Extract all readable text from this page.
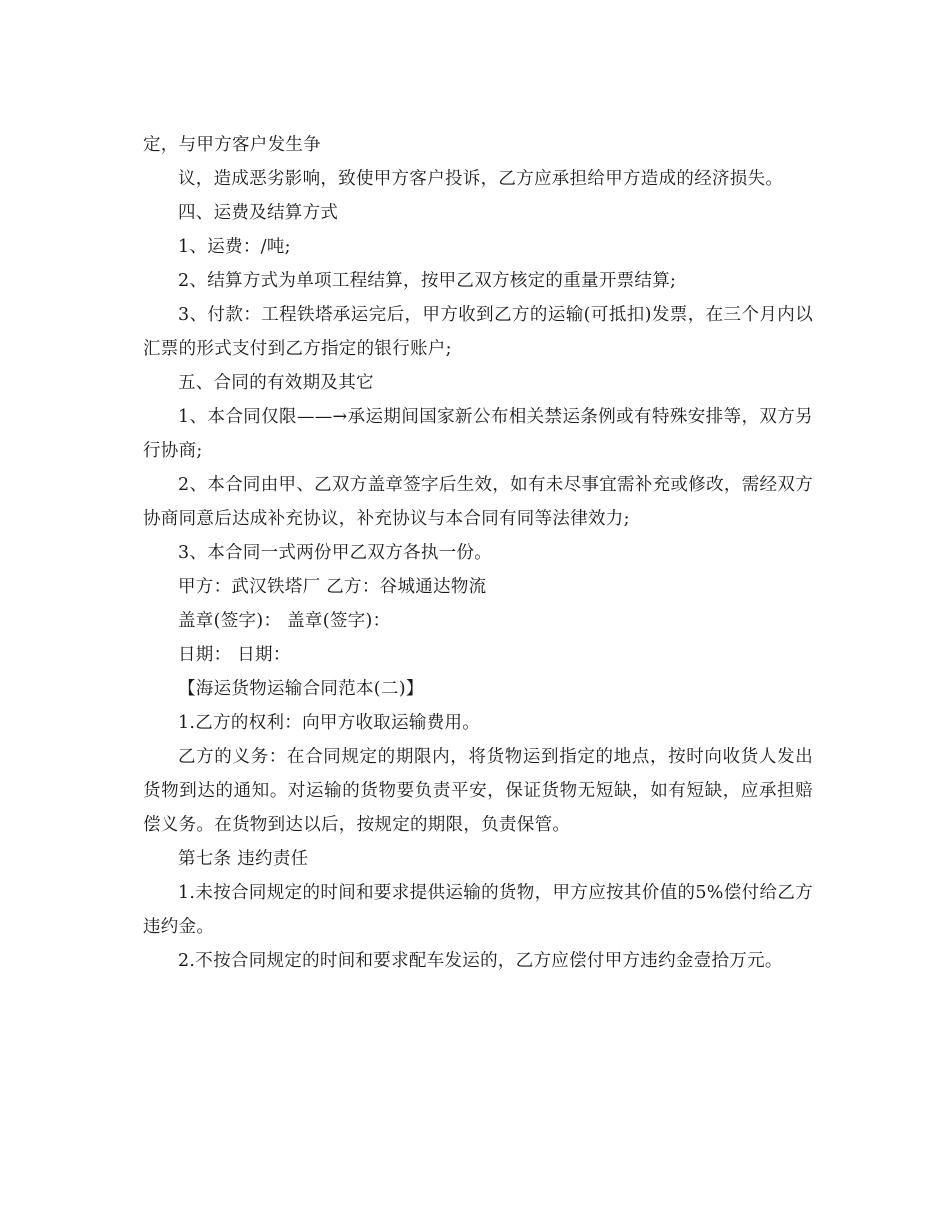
定，与甲方客户发生争

议，造成恶劣影响，致使甲方客户投诉，乙方应承担给甲方造成的经济损失。

四、运费及结算方式

1、运费：/吨;

2、结算方式为单项工程结算，按甲乙双方核定的重量开票结算;

3、付款：工程铁塔承运完后，甲方收到乙方的运输(可抵扣)发票，在三个月内以汇票的形式支付到乙方指定的银行账户;

五、合同的有效期及其它

1、本合同仅限——→承运期间国家新公布相关禁运条例或有特殊安排等，双方另行协商;

2、本合同由甲、乙双方盖章签字后生效，如有未尽事宜需补充或修改，需经双方协商同意后达成补充协议，补充协议与本合同有同等法律效力;

3、本合同一式两份甲乙双方各执一份。

甲方：武汉铁塔厂 乙方：谷城通达物流

盖章(签字)： 盖章(签字)：

日期： 日期：

【海运货物运输合同范本(二)】

1.乙方的权利：向甲方收取运输费用。

乙方的义务：在合同规定的期限内，将货物运到指定的地点，按时向收货人发出货物到达的通知。对运输的货物要负责平安，保证货物无短缺，如有短缺，应承担赔偿义务。在货物到达以后，按规定的期限，负责保管。

第七条 违约责任

1.未按合同规定的时间和要求提供运输的货物，甲方应按其价值的5%偿付给乙方违约金。

2.不按合同规定的时间和要求配车发运的，乙方应偿付甲方违约金壹拾万元。
